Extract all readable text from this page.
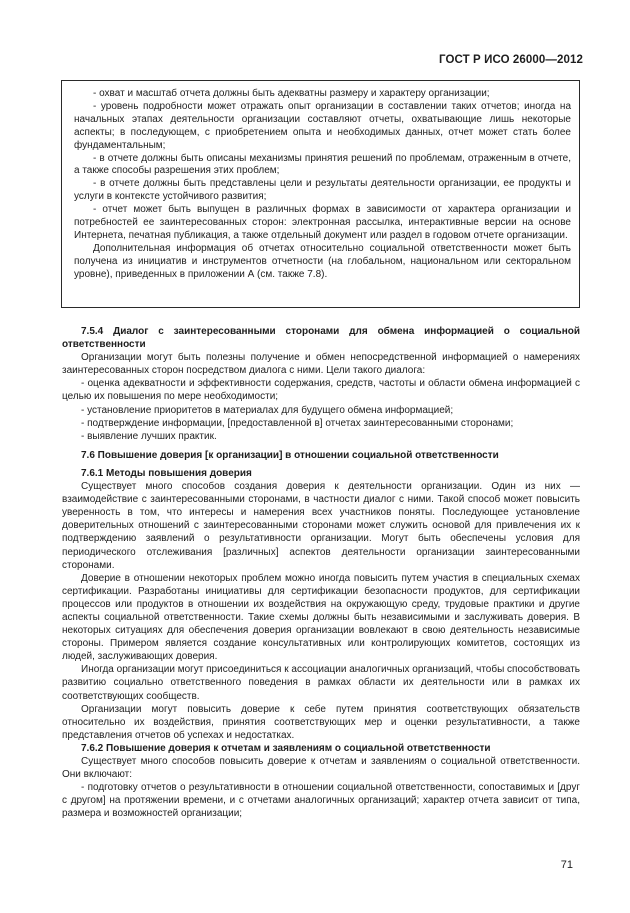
ГОСТ Р ИСО 26000—2012

- охват и масштаб отчета должны быть адекватны размеру и характеру организации;

- уровень подробности может отражать опыт организации в составлении таких отчетов; иногда на начальных этапах деятельности организации составляют отчеты, охватывающие лишь некоторые аспекты; в последующем, с приобретением опыта и необходимых данных, отчет может стать более фундаментальным;

- в отчете должны быть описаны механизмы принятия решений по проблемам, отраженным в отчете, а также способы разрешения этих проблем;

- в отчете должны быть представлены цели и результаты деятельности организации, ее продукты и услуги в контексте устойчивого развития;

- отчет может быть выпущен в различных формах в зависимости от характера организации и потребностей ее заинтересованных сторон: электронная рассылка, интерактивные версии на основе Интернета, печатная публикация, а также отдельный документ или раздел в годовом отчете организации.

Дополнительная информация об отчетах относительно социальной ответственности может быть получена из инициатив и инструментов отчетности (на глобальном, национальном или секторальном уровне), приведенных в приложении А (см. также 7.8).

7.5.4 Диалог с заинтересованными сторонами для обмена информацией о социальной ответственности

Организации могут быть полезны получение и обмен непосредственной информацией о намерениях заинтересованных сторон посредством диалога с ними. Цели такого диалога:

- оценка адекватности и эффективности содержания, средств, частоты и области обмена информацией с целью их повышения по мере необходимости;

- установление приоритетов в материалах для будущего обмена информацией;

- подтверждение информации, [предоставленной в] отчетах заинтересованными сторонами;

- выявление лучших практик.

7.6 Повышение доверия [к организации] в отношении социальной ответственности
7.6.1 Методы повышения доверия

Существует много способов создания доверия к деятельности организации. Один из них — взаимодействие с заинтересованными сторонами, в частности диалог с ними. Такой способ может повысить уверенность в том, что интересы и намерения всех участников поняты. Последующее установление доверительных отношений с заинтересованными сторонами может служить основой для привлечения их к подтверждению заявлений о результативности организации. Могут быть обеспечены условия для периодического отслеживания [различных] аспектов деятельности организации заинтересованными сторонами.

Доверие в отношении некоторых проблем можно иногда повысить путем участия в специальных схемах сертификации. Разработаны инициативы для сертификации безопасности продуктов, для сертификации процессов или продуктов в отношении их воздействия на окружающую среду, трудовые практики и другие аспекты социальной ответственности. Такие схемы должны быть независимыми и заслуживать доверия. В некоторых ситуациях для обеспечения доверия организации вовлекают в свою деятельность независимые стороны. Примером является создание консультативных или контролирующих комитетов, состоящих из людей, заслуживающих доверия.

Иногда организации могут присоединиться к ассоциации аналогичных организаций, чтобы способствовать развитию социально ответственного поведения в рамках области их деятельности или в рамках их соответствующих сообществ.

Организации могут повысить доверие к себе путем принятия соответствующих обязательств относительно их воздействия, принятия соответствующих мер и оценки результативности, а также представления отчетов об успехах и недостатках.

7.6.2 Повышение доверия к отчетам и заявлениям о социальной ответственности

Существует много способов повысить доверие к отчетам и заявлениям о социальной ответственности. Они включают:

- подготовку отчетов о результативности в отношении социальной ответственности, сопоставимых и [друг с другом] на протяжении времени, и с отчетами аналогичных организаций; характер отчета зависит от типа, размера и возможностей организации;

71
